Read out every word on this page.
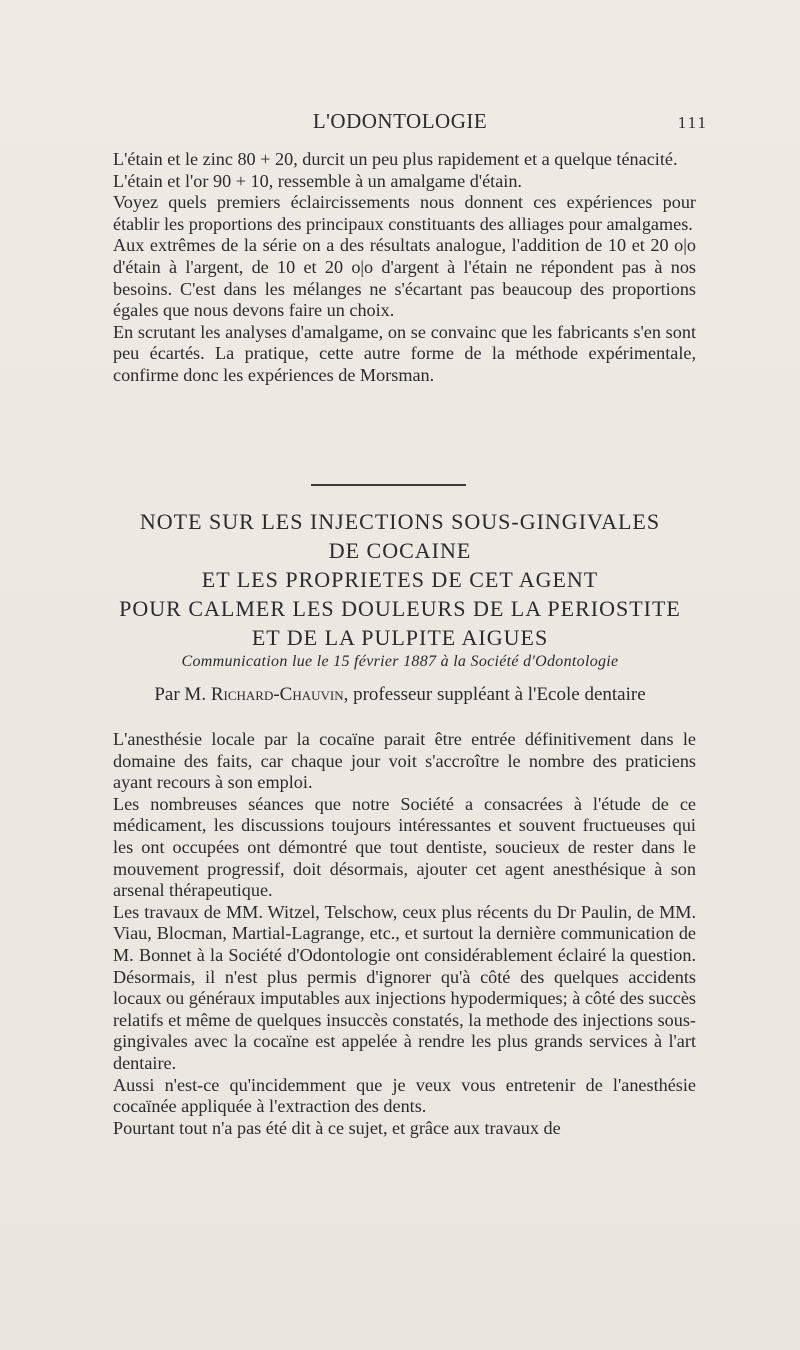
L'ODONTOLOGIE	111

L'étain et le zinc 80 + 20, durcit un peu plus rapidement et a quelque ténacité.

L'étain et l'or 90 + 10, ressemble à un amalgame d'étain.

Voyez quels premiers éclaircissements nous donnent ces expériences pour établir les proportions des principaux constituants des alliages pour amalgames.

Aux extrêmes de la série on a des résultats analogue, l'addition de 10 et 20 o|o d'étain à l'argent, de 10 et 20 o|o d'argent à l'étain ne répondent pas à nos besoins. C'est dans les mélanges ne s'écartant pas beaucoup des proportions égales que nous devons faire un choix.

En scrutant les analyses d'amalgame, on se convainc que les fabricants s'en sont peu écartés. La pratique, cette autre forme de la méthode expérimentale, confirme donc les expériences de Morsman.

NOTE SUR LES INJECTIONS SOUS-GINGIVALES
DE COCAINE
ET LES PROPRIETES DE CET AGENT
POUR CALMER LES DOULEURS DE LA PERIOSTITE
ET DE LA PULPITE AIGUES
Communication lue le 15 février 1887 à la Société d'Odontologie
Par M. Richard-Chauvin, professeur suppléant à l'Ecole dentaire

L'anesthésie locale par la cocaïne parait être entrée définitivement dans le domaine des faits, car chaque jour voit s'accroître le nombre des praticiens ayant recours à son emploi.

Les nombreuses séances que notre Société a consacrées à l'étude de ce médicament, les discussions toujours intéressantes et souvent fructueuses qui les ont occupées ont démontré que tout dentiste, soucieux de rester dans le mouvement progressif, doit désormais, ajouter cet agent anesthésique à son arsenal thérapeutique.

Les travaux de MM. Witzel, Telschow, ceux plus récents du Dr Paulin, de MM. Viau, Blocman, Martial-Lagrange, etc., et surtout la dernière communication de M. Bonnet à la Société d'Odontologie ont considérablement éclairé la question. Désormais, il n'est plus permis d'ignorer qu'à côté des quelques accidents locaux ou généraux imputables aux injections hypodermiques; à côté des succès relatifs et même de quelques insuccès constatés, la methode des injections sous-gingivales avec la cocaïne est appelée à rendre les plus grands services à l'art dentaire.

Aussi n'est-ce qu'incidemment que je veux vous entretenir de l'anesthésie cocaïnée appliquée à l'extraction des dents.

Pourtant tout n'a pas été dit à ce sujet, et grâce aux travaux de
